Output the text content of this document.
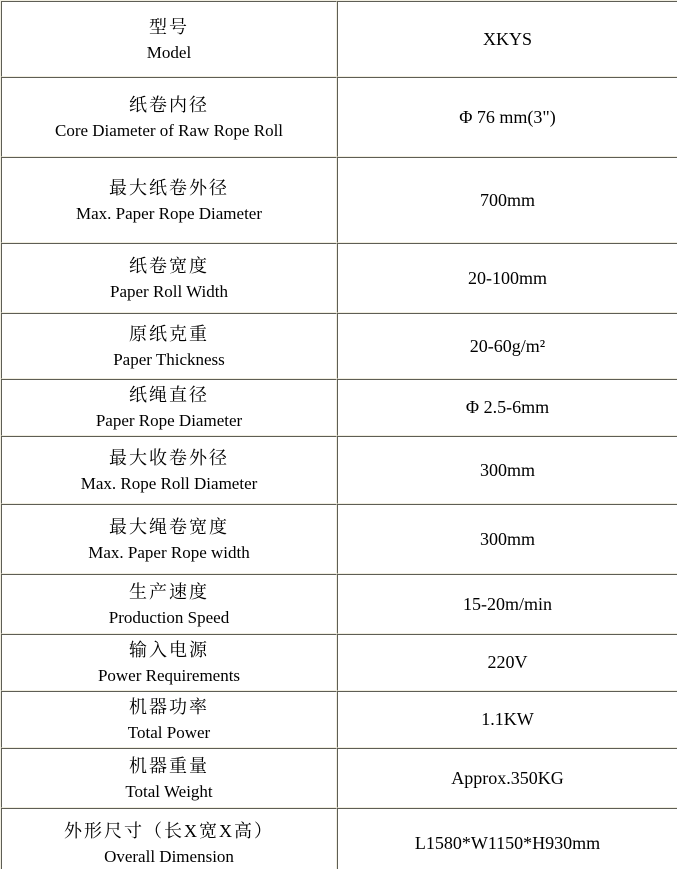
型号
Model	XKYS

纸卷内径
Core Diameter of Raw Rope Roll	Φ 76 mm(3")

最大纸卷外径
Max. Paper Rope Diameter	700mm

纸卷宽度
Paper Roll Width	20-100mm

原纸克重
Paper Thickness	20-60g/m²

纸绳直径
Paper Rope Diameter	Φ 2.5-6mm

最大收卷外径
Max. Rope Roll Diameter	300mm

最大绳卷宽度
Max. Paper Rope width	300mm

生产速度
Production Speed	15-20m/min

输入电源
Power Requirements	220V

机器功率
Total Power	1.1KW

机器重量
Total Weight	Approx.350KG

外形尺寸（长X宽X高）
Overall Dimension	L1580*W1150*H930mm
